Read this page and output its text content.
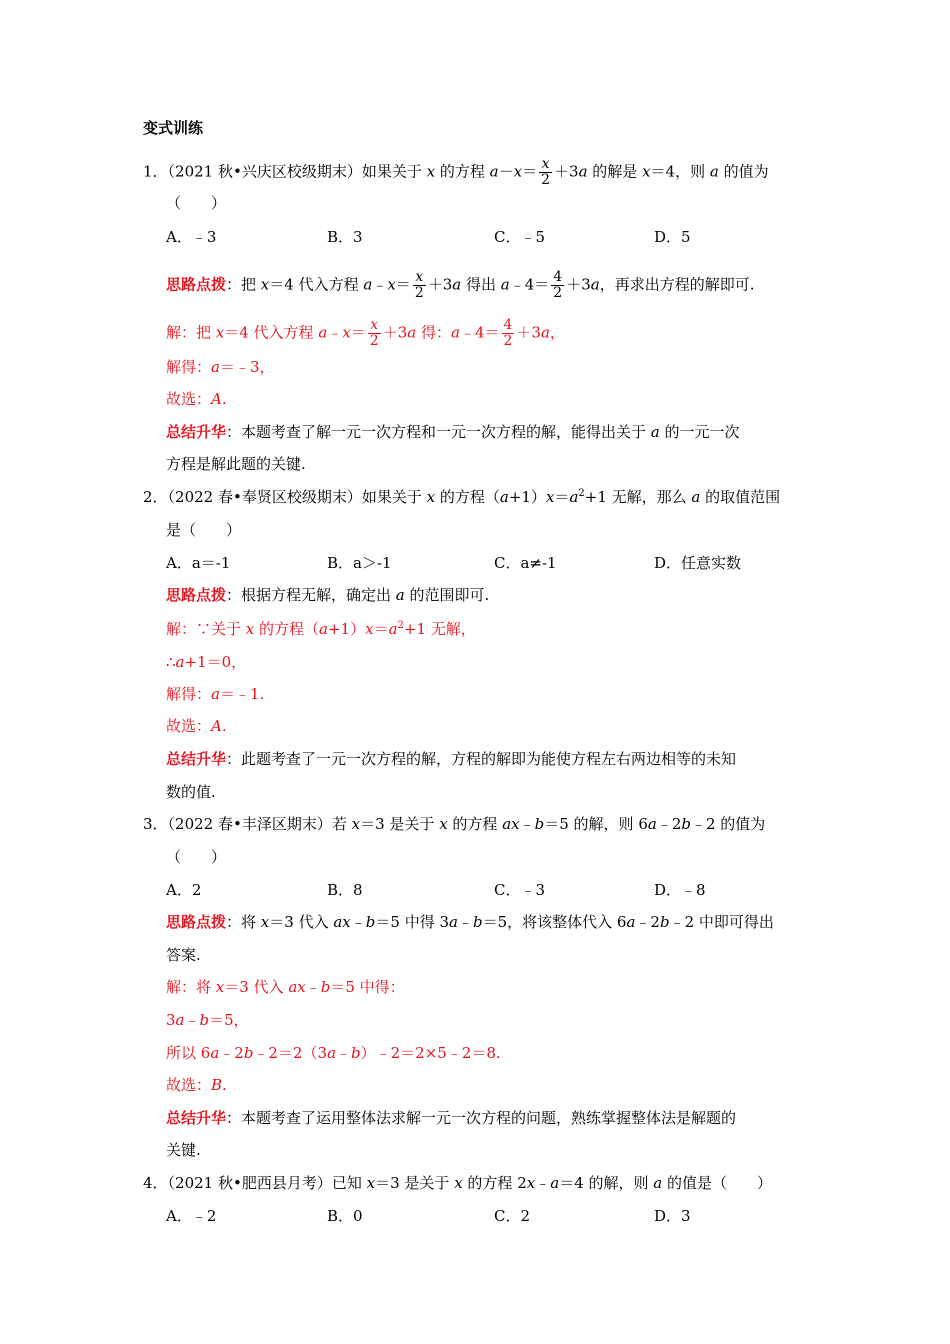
变式训练
1．（2021 秋•兴庆区校级期末）如果关于 x 的方程 $a-x= \frac{x}{2} +3a$ 的解是 x＝4，则 a 的值为
（　　）
A．﹣3	B．3	C．﹣5	D．5
思路点拨：把 x＝4 代入方程 a﹣x＝ $\frac{x}{2} +3a$ 得出 a﹣4＝ $\frac{4}{2} +3a$，再求出方程的解即可.
解：把 x＝4 代入方程 a﹣x＝ $\frac{x}{2} +3a$ 得：a﹣4＝ $\frac{4}{2} +3a$，
解得：a＝﹣3，
故选：A.
总结升华：本题考查了解一元一次方程和一元一次方程的解，能得出关于 a 的一元一次
方程是解此题的关键.
2．（2022 春•奉贤区校级期末）如果关于 x 的方程$(a+1)x=a^2+1$ 无解，那么 a 的取值范围
是（　　）
A．a＝-1	B．a＞-1	C．a≠-1	D．任意实数
思路点拨：根据方程无解，确定出 a 的范围即可.
解：∵关于 x 的方程$(a+1)x=a^2+1$ 无解，
∴a+1＝0，
解得：a＝﹣1.
故选：A.
总结升华：此题考查了一元一次方程的解，方程的解即为能使方程左右两边相等的未知
数的值.
3．（2022 春•丰泽区期末）若 x＝3 是关于 x 的方程 ax﹣b＝5 的解，则 6a﹣2b﹣2 的值为
（　　）
A．2	B．8	C．﹣3	D．﹣8
思路点拨：将 x＝3 代入 ax﹣b＝5 中得 3a﹣b＝5，将该整体代入 6a﹣2b﹣2 中即可得出
答案.
解：将 x＝3 代入 ax﹣b＝5 中得：
3a﹣b＝5，
所以 6a﹣2b﹣2＝2（3a﹣b）﹣2＝2×5﹣2＝8.
故选：B.
总结升华：本题考查了运用整体法求解一元一次方程的问题，熟练掌握整体法是解题的
关键.
4．（2021 秋•肥西县月考）已知 x＝3 是关于 x 的方程 2x﹣a＝4 的解，则 a 的值是（　　）
A．﹣2	B．0	C．2	D．3
